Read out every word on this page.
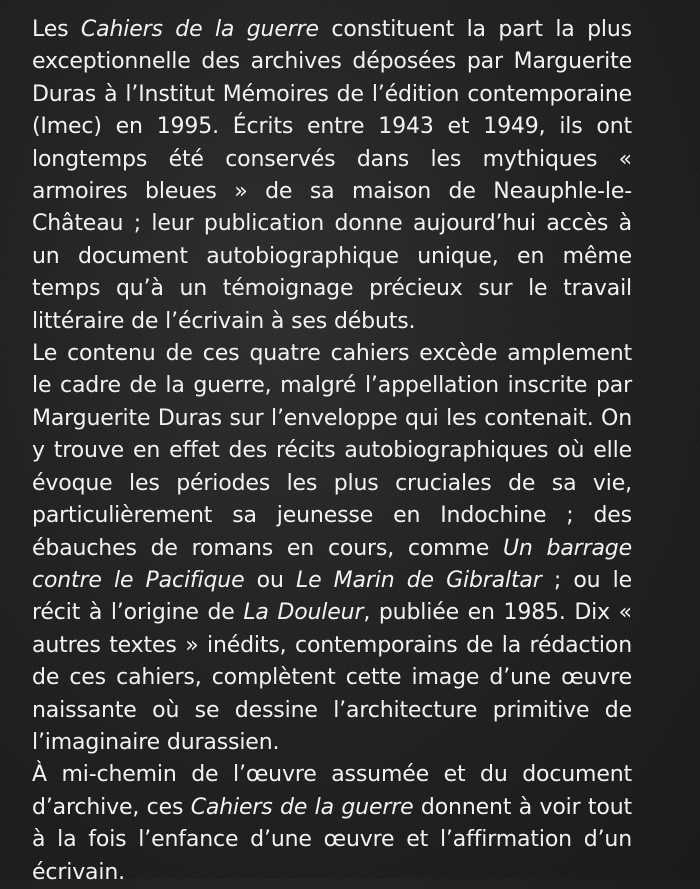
Les Cahiers de la guerre constituent la part la plus exceptionnelle des archives déposées par Marguerite Duras à l’Institut Mémoires de l’édition contemporaine (Imec) en 1995. Écrits entre 1943 et 1949, ils ont longtemps été conservés dans les mythiques « armoires bleues » de sa maison de Neauphle-le-Château ; leur publication donne aujourd’hui accès à un document autobiographique unique, en même temps qu’à un témoignage précieux sur le travail littéraire de l’écrivain à ses débuts.

Le contenu de ces quatre cahiers excède amplement le cadre de la guerre, malgré l’appellation inscrite par Marguerite Duras sur l’enveloppe qui les contenait. On y trouve en effet des récits autobiographiques où elle évoque les périodes les plus cruciales de sa vie, particulièrement sa jeunesse en Indochine ; des ébauches de romans en cours, comme Un barrage contre le Pacifique ou Le Marin de Gibraltar ; ou le récit à l’origine de La Douleur, publiée en 1985. Dix « autres textes » inédits, contemporains de la rédaction de ces cahiers, complètent cette image d’une œuvre naissante où se dessine l’architecture primitive de l’imaginaire durassien.

À mi-chemin de l’œuvre assumée et du document d’archive, ces Cahiers de la guerre donnent à voir tout à la fois l’enfance d’une œuvre et l’affirmation d’un écrivain.
